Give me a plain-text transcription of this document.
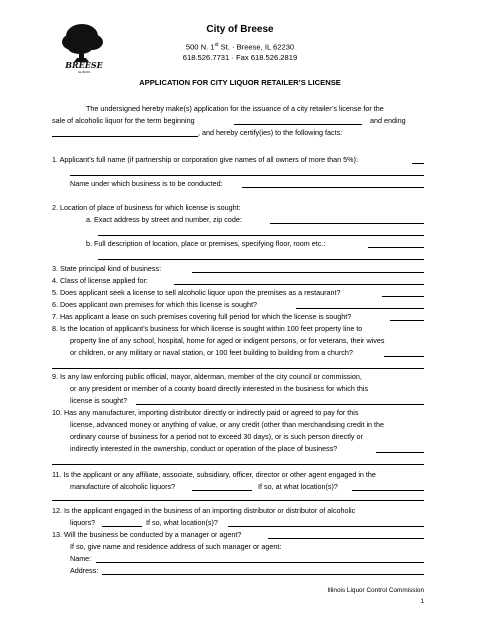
BREESE
ILLINOIS
City of Breese
500 N. 1st St. · Breese, IL 62230
618.526.7731 · Fax 618.526.2819
APPLICATION FOR CITY LIQUOR RETAILER’S LICENSE
The undersigned hereby make(s) application for the issuance of a city retailer’s license for the
sale of alcoholic liquor for the term beginning	and ending
, and hereby certify(ies) to the following facts:
1. Applicant’s full name (if partnership or corporation give names of all owners of more than 5%):
Name under which business is to be conducted:
2. Location of place of business for which license is sought:
a. Exact address by street and number, zip code:
b. Full description of location, place or premises, specifying floor, room etc.:
3. State principal kind of business:
4. Class of license applied for:
5. Does applicant seek a license to sell alcoholic liquor upon the premises as a restaurant?
6. Does applicant own premises for which this license is sought?
7. Has applicant a lease on such premises covering full period for which the license is sought?
8. Is the location of applicant’s business for which license is sought within 100 feet property line to
property line of any school, hospital, home for aged or indigent persons, or for veterans, their wives
or children, or any military or naval station, or 100 feet building to building from a church?
9. Is any law enforcing public official, mayor, alderman, member of the city council or commission,
or any president or member of a county board directly interested in the business for which this
license is sought?
10. Has any manufacturer, importing distributor directly or indirectly paid or agreed to pay for this
license, advanced money or anything of value, or any credit (other than merchandising credit in the
ordinary course of business for a period not to exceed 30 days), or is such person directly or
indirectly interested in the ownership, conduct or operation of the place of business?
11. Is the applicant or any affiliate, associate, subsidiary, officer, director or other agent engaged in the
manufacture of alcoholic liquors?	If so, at what location(s)?
12. Is the applicant engaged in the business of an importing distributor or distributor of alcoholic
liquors?	If so, what location(s)?
13. Will the business be conducted by a manager or agent?
If so, give name and residence address of such manager or agent:
Name:
Address:
Illinois Liquor Control Commission
1
